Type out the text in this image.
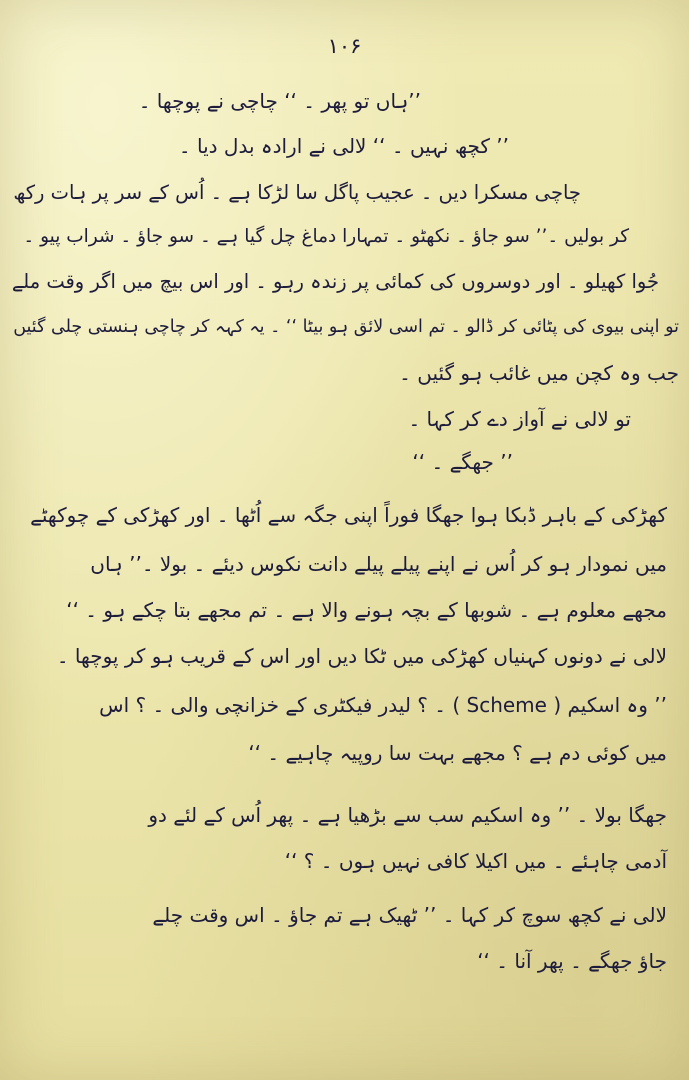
۱۰۶
’’ہاں تو پھر ۔ ‘‘ چاچی نے پوچھا ۔
’’ کچھ نہیں ۔ ‘‘ لالی نے ارادہ بدل دیا ۔
چاچی مسکرا دیں ۔ عجیب پاگل سا لڑکا ہے ۔ اُس کے سر پر ہات رکھ
کر بولیں ۔’’ سو جاؤ ۔ نکھٹو ۔ تمہارا دماغ چل گیا ہے ۔ سو جاؤ ۔ شراب پیو ۔
جُوا کھیلو ۔ اور دوسروں کی کمائی پر زندہ رہو ۔ اور اس بیچ میں اگر وقت ملے
تو اپنی بیوی کی پٹائی کر ڈالو ۔ تم اسی لائق ہو بیٹا ‘‘ ۔ یہ کہہ کر چاچی ہنستی چلی گئیں
جب وہ کچن میں غائب ہو گئیں ۔
تو لالی نے آواز دے کر کہا ۔
’’ جھگے ۔ ‘‘
کھڑکی کے باہر ڈبکا ہوا جھگا فوراً اپنی جگہ سے اُٹھا ۔ اور کھڑکی کے چوکھٹے
میں نمودار ہو کر اُس نے اپنے پیلے پیلے دانت نکوس دیئے ۔ بولا ۔’’ ہاں
مجھے معلوم ہے ۔ شوبھا کے بچہ ہونے والا ہے ۔ تم مجھے بتا چکے ہو ۔ ‘‘
لالی نے دونوں کہنیاں کھڑکی میں ٹکا دیں اور اس کے قریب ہو کر پوچھا ۔
’’ وہ اسکیم ( Scheme ) ۔ ؟ لیدر فیکٹری کے خزانچی والی ۔ ؟ اس
میں کوئی دم ہے ؟ مجھے بہت سا روپیہ چاہیے ۔ ‘‘
جھگا بولا ۔ ’’ وہ اسکیم سب سے بڑھیا ہے ۔ پھر اُس کے لئے دو
آدمی چاہئے ۔ میں اکیلا کافی نہیں ہوں ۔ ؟ ‘‘
لالی نے کچھ سوچ کر کہا ۔ ’’ ٹھیک ہے تم جاؤ ۔ اس وقت چلے
جاؤ جھگے ۔ پھر آنا ۔ ‘‘
